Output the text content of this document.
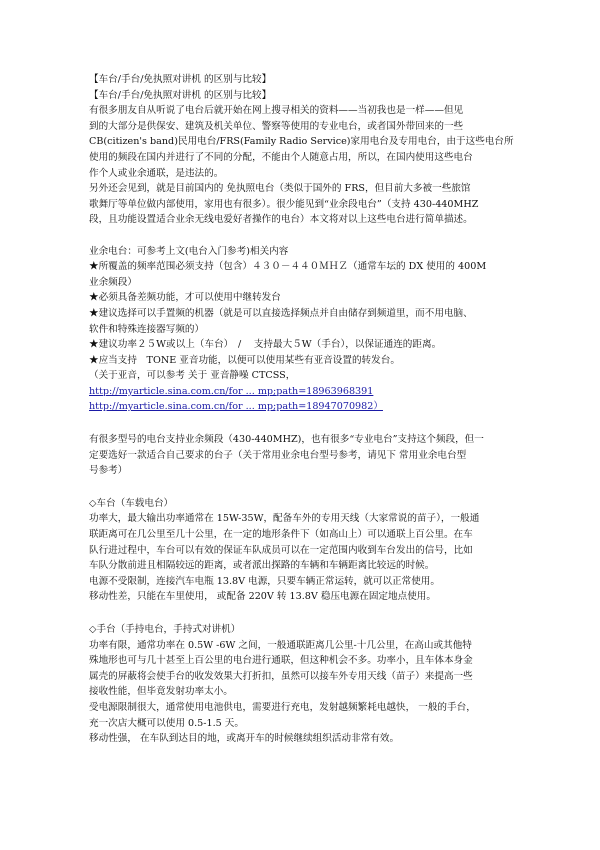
【车台/手台/免执照对讲机 的区别与比较】

【车台/手台/免执照对讲机 的区别与比较】

有很多朋友自从听说了电台后就开始在网上搜寻相关的资料——当初我也是一样——但见

到的大部分是供保安、建筑及机关单位、警察等使用的专业电台，或者国外带回来的一些

CB(citizen's band)民用电台/FRS(Family Radio Service)家用电台及专用电台，由于这些电台所

使用的频段在国内并进行了不同的分配，不能由个人随意占用，所以，在国内使用这些电台

作个人或业余通联，是违法的。

另外还会见到，就是目前国内的 免执照电台（类似于国外的 FRS，但目前大多被一些旅馆

歌舞厅等单位做内部使用，家用也有很多）。很少能见到“业余段电台”（支持 430-440MHZ

段，且功能设置适合业余无线电爱好者操作的电台）本文将对以上这些电台进行简单描述。

业余电台：可参考上文(电台入门参考)相关内容

★所覆盖的频率范围必须支持（包含）４３０－４４０ＭＨＺ（通常车坛的 DX 使用的 400M

业余频段）

★必须具备差频功能，才可以使用中继转发台

★建议选择可以手置频的机器（就是可以直接选择频点并自由储存到频道里，而不用电脑、

软件和特殊连接器写频的）

★建议功率２５W或以上（车台）　/　 支持最大５W（手台），以保证通连的距离。

★应当支持　TONE 亚音功能，以便可以使用某些有亚音设置的转发台。

（关于亚音，可以参考 关于 亚音静噪 CTCSS，

http://myarticle.sina.com.cn/for ... mp;path=18963968391

http://myarticle.sina.com.cn/for ... mp;path=18947070982）

有很多型号的电台支持业余频段（430-440MHZ)，也有很多“专业电台”支持这个频段，但一

定要选好一款适合自己要求的台子（关于常用业余电台型号参考，请见下 常用业余电台型

号参考）

◇车台（车载电台）

功率大，最大输出功率通常在 15W-35W，配备车外的专用天线（大家常说的苗子），一般通

联距离可在几公里至几十公里，在一定的地形条件下（如高山上）可以通联上百公里。在车

队行进过程中，车台可以有效的保证车队成员可以在一定范围内收到车台发出的信号，比如

车队分散前进且相隔较远的距离，或者派出探路的车辆和车辆距离比较远的时候。

电源不受限制，连接汽车电瓶 13.8V 电源，只要车辆正常运转，就可以正常使用。

移动性差，只能在车里使用， 或配备 220V 转 13.8V 稳压电源在固定地点使用。

◇手台（手持电台，手持式对讲机）

功率有限，通常功率在 0.5W -6W 之间，一般通联距离几公里-十几公里，在高山或其他特

殊地形也可与几十甚至上百公里的电台进行通联，但这种机会不多。功率小，且车体本身金

属壳的屏蔽将会使手台的收发效果大打折扣，虽然可以接车外专用天线（苗子）来提高一些

接收性能，但毕竟发射功率太小。

受电源限制很大，通常使用电池供电，需要进行充电，发射越频繁耗电越快， 一般的手台，

充一次店大概可以使用 0.5-1.5 天。

移动性强， 在车队到达目的地，或离开车的时候继续组织活动非常有效。
